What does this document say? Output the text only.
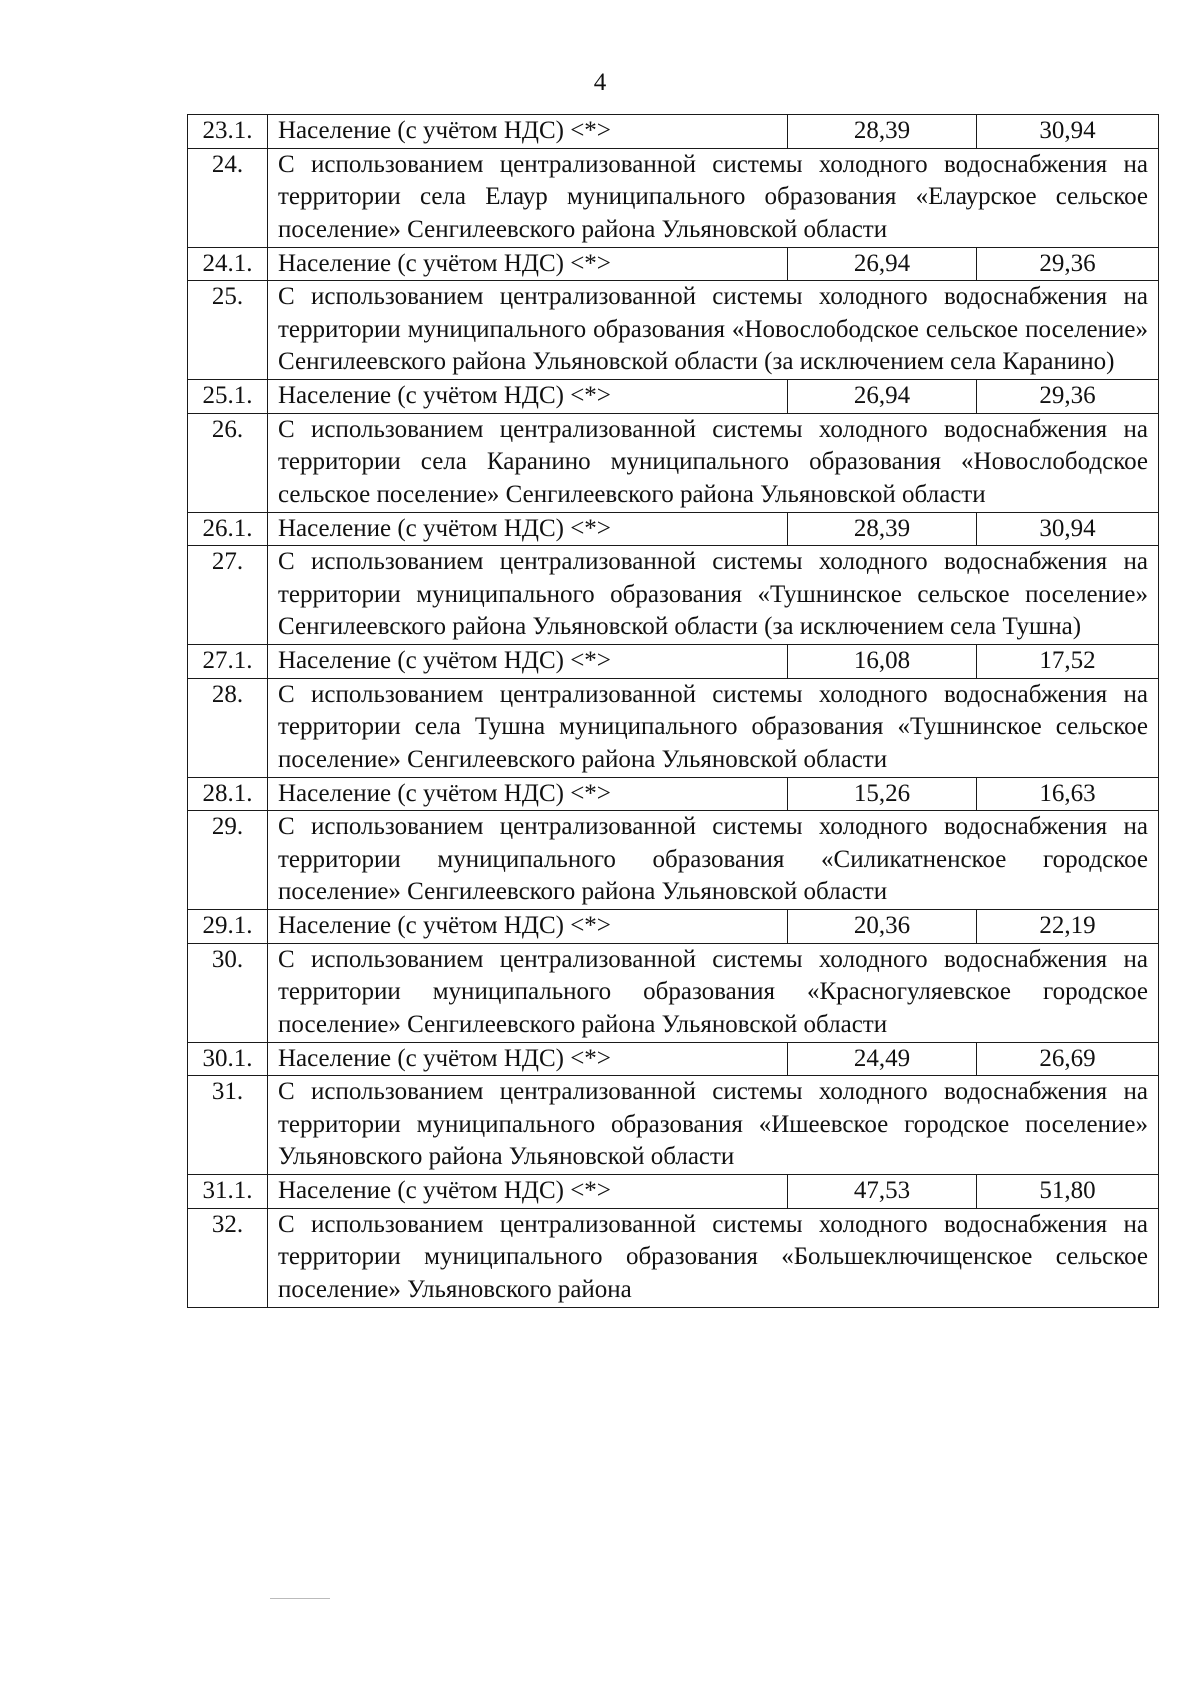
4
23.1.	Население (с учётом НДС) <*>	28,39	30,94
24.	С использованием централизованной системы холодного водоснабжения на территории села Елаур муниципального образования «Елаурское сельское поселение» Сенгилеевского района Ульяновской области		
24.1.	Население (с учётом НДС) <*>	26,94	29,36
25.	С использованием централизованной системы холодного водоснабжения на территории муниципального образования «Новослободское сельское поселение» Сенгилеевского района Ульяновской области (за исключением села Каранино)		
25.1.	Население (с учётом НДС) <*>	26,94	29,36
26.	С использованием централизованной системы холодного водоснабжения на территории села Каранино муниципального образования «Новослободское сельское поселение» Сенгилеевского района Ульяновской области		
26.1.	Население (с учётом НДС) <*>	28,39	30,94
27.	С использованием централизованной системы холодного водоснабжения на территории муниципального образования «Тушнинское сельское поселение» Сенгилеевского района Ульяновской области (за исключением села Тушна)		
27.1.	Население (с учётом НДС) <*>	16,08	17,52
28.	С использованием централизованной системы холодного водоснабжения на территории села Тушна муниципального образования «Тушнинское сельское поселение» Сенгилеевского района Ульяновской области		
28.1.	Население (с учётом НДС) <*>	15,26	16,63
29.	С использованием централизованной системы холодного водоснабжения на территории муниципального образования «Силикатненское городское поселение» Сенгилеевского района Ульяновской области		
29.1.	Население (с учётом НДС) <*>	20,36	22,19
30.	С использованием централизованной системы холодного водоснабжения на территории муниципального образования «Красногуляевское городское поселение» Сенгилеевского района Ульяновской области		
30.1.	Население (с учётом НДС) <*>	24,49	26,69
31.	С использованием централизованной системы холодного водоснабжения на территории муниципального образования «Ишеевское городское поселение» Ульяновского района Ульяновской области		
31.1.	Население (с учётом НДС) <*>	47,53	51,80
32.	С использованием централизованной системы холодного водоснабжения на территории муниципального образования «Большеключищенское сельское поселение» Ульяновского района		
